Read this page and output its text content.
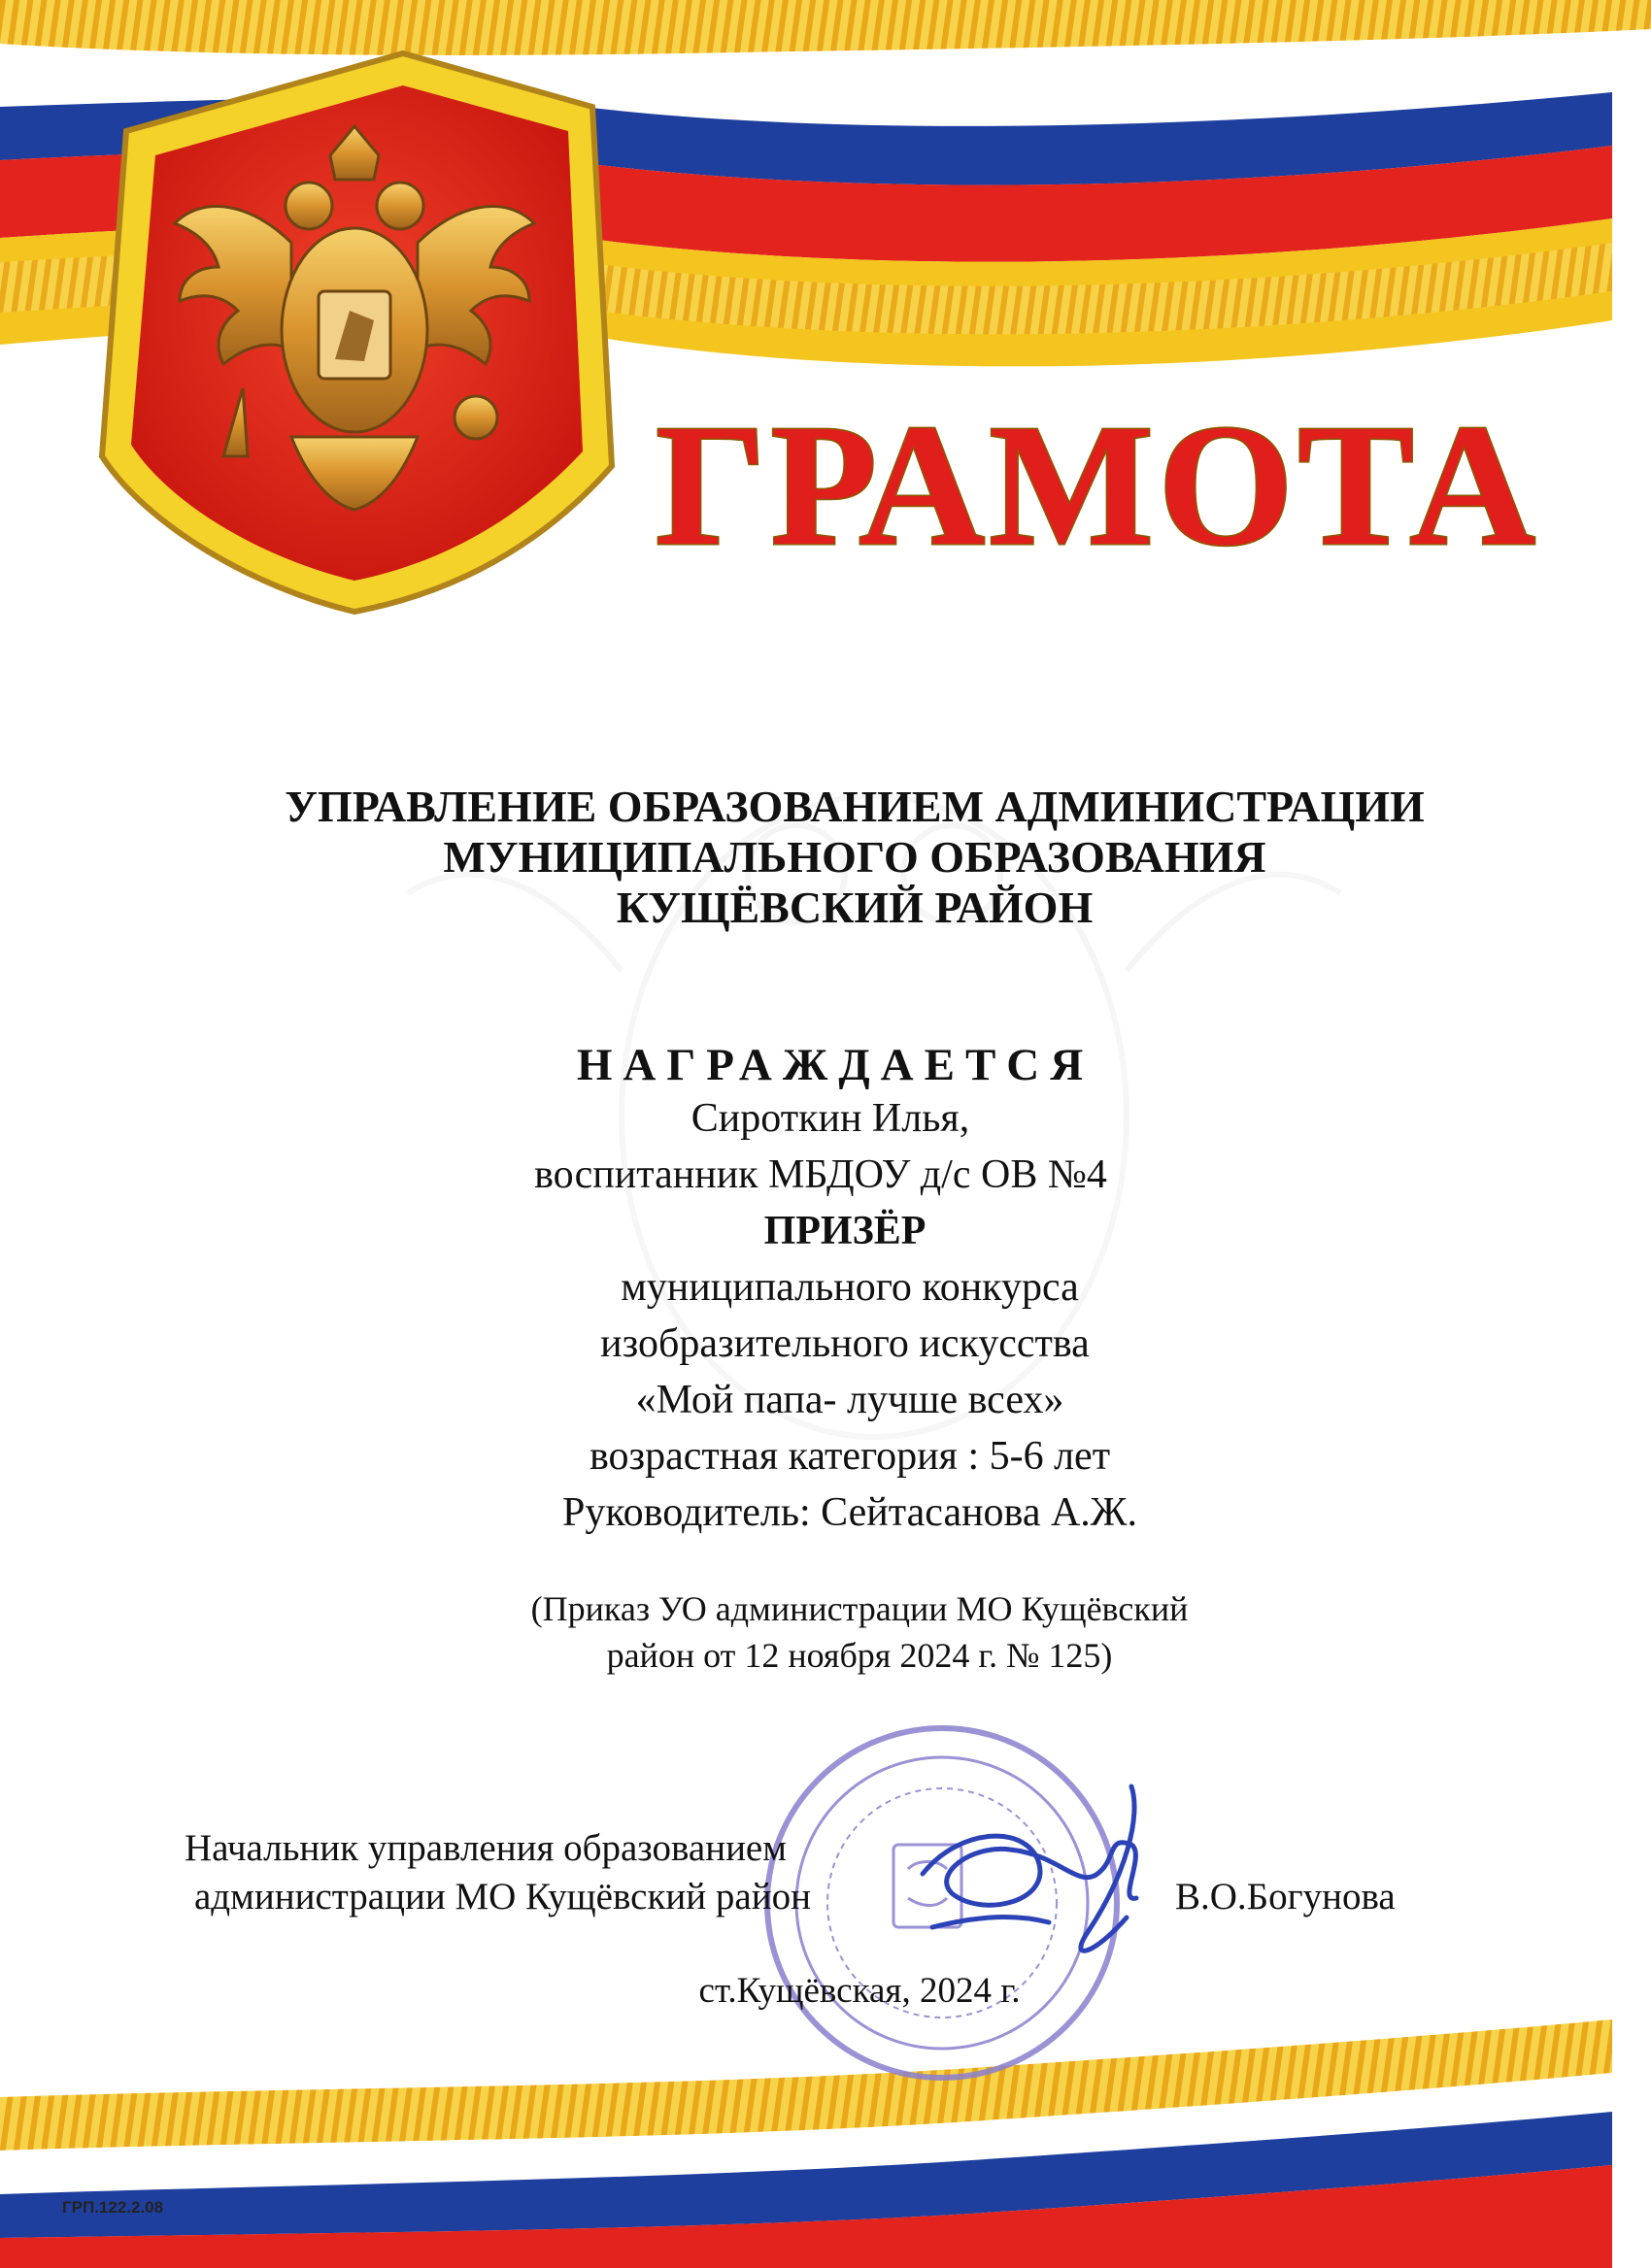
ГРАМОТА
УПРАВЛЕНИЕ ОБРАЗОВАНИЕМ АДМИНИСТРАЦИИ
МУНИЦИПАЛЬНОГО ОБРАЗОВАНИЯ
КУЩЁВСКИЙ РАЙОН
НАГРАЖДАЕТСЯ
Сироткин Илья,
воспитанник МБДОУ д/с ОВ №4
ПРИЗЁР
муниципального конкурса
изобразительного искусства
«Мой папа- лучше всех»
возрастная категория : 5-6 лет
Руководитель: Сейтасанова А.Ж.
(Приказ УО администрации МО Кущёвский
район от 12 ноября 2024 г. № 125)
Начальник управления образованием
администрации МО Кущёвский район	В.О.Богунова
ст.Кущёвская, 2024 г.
ГРП.122.2.08
